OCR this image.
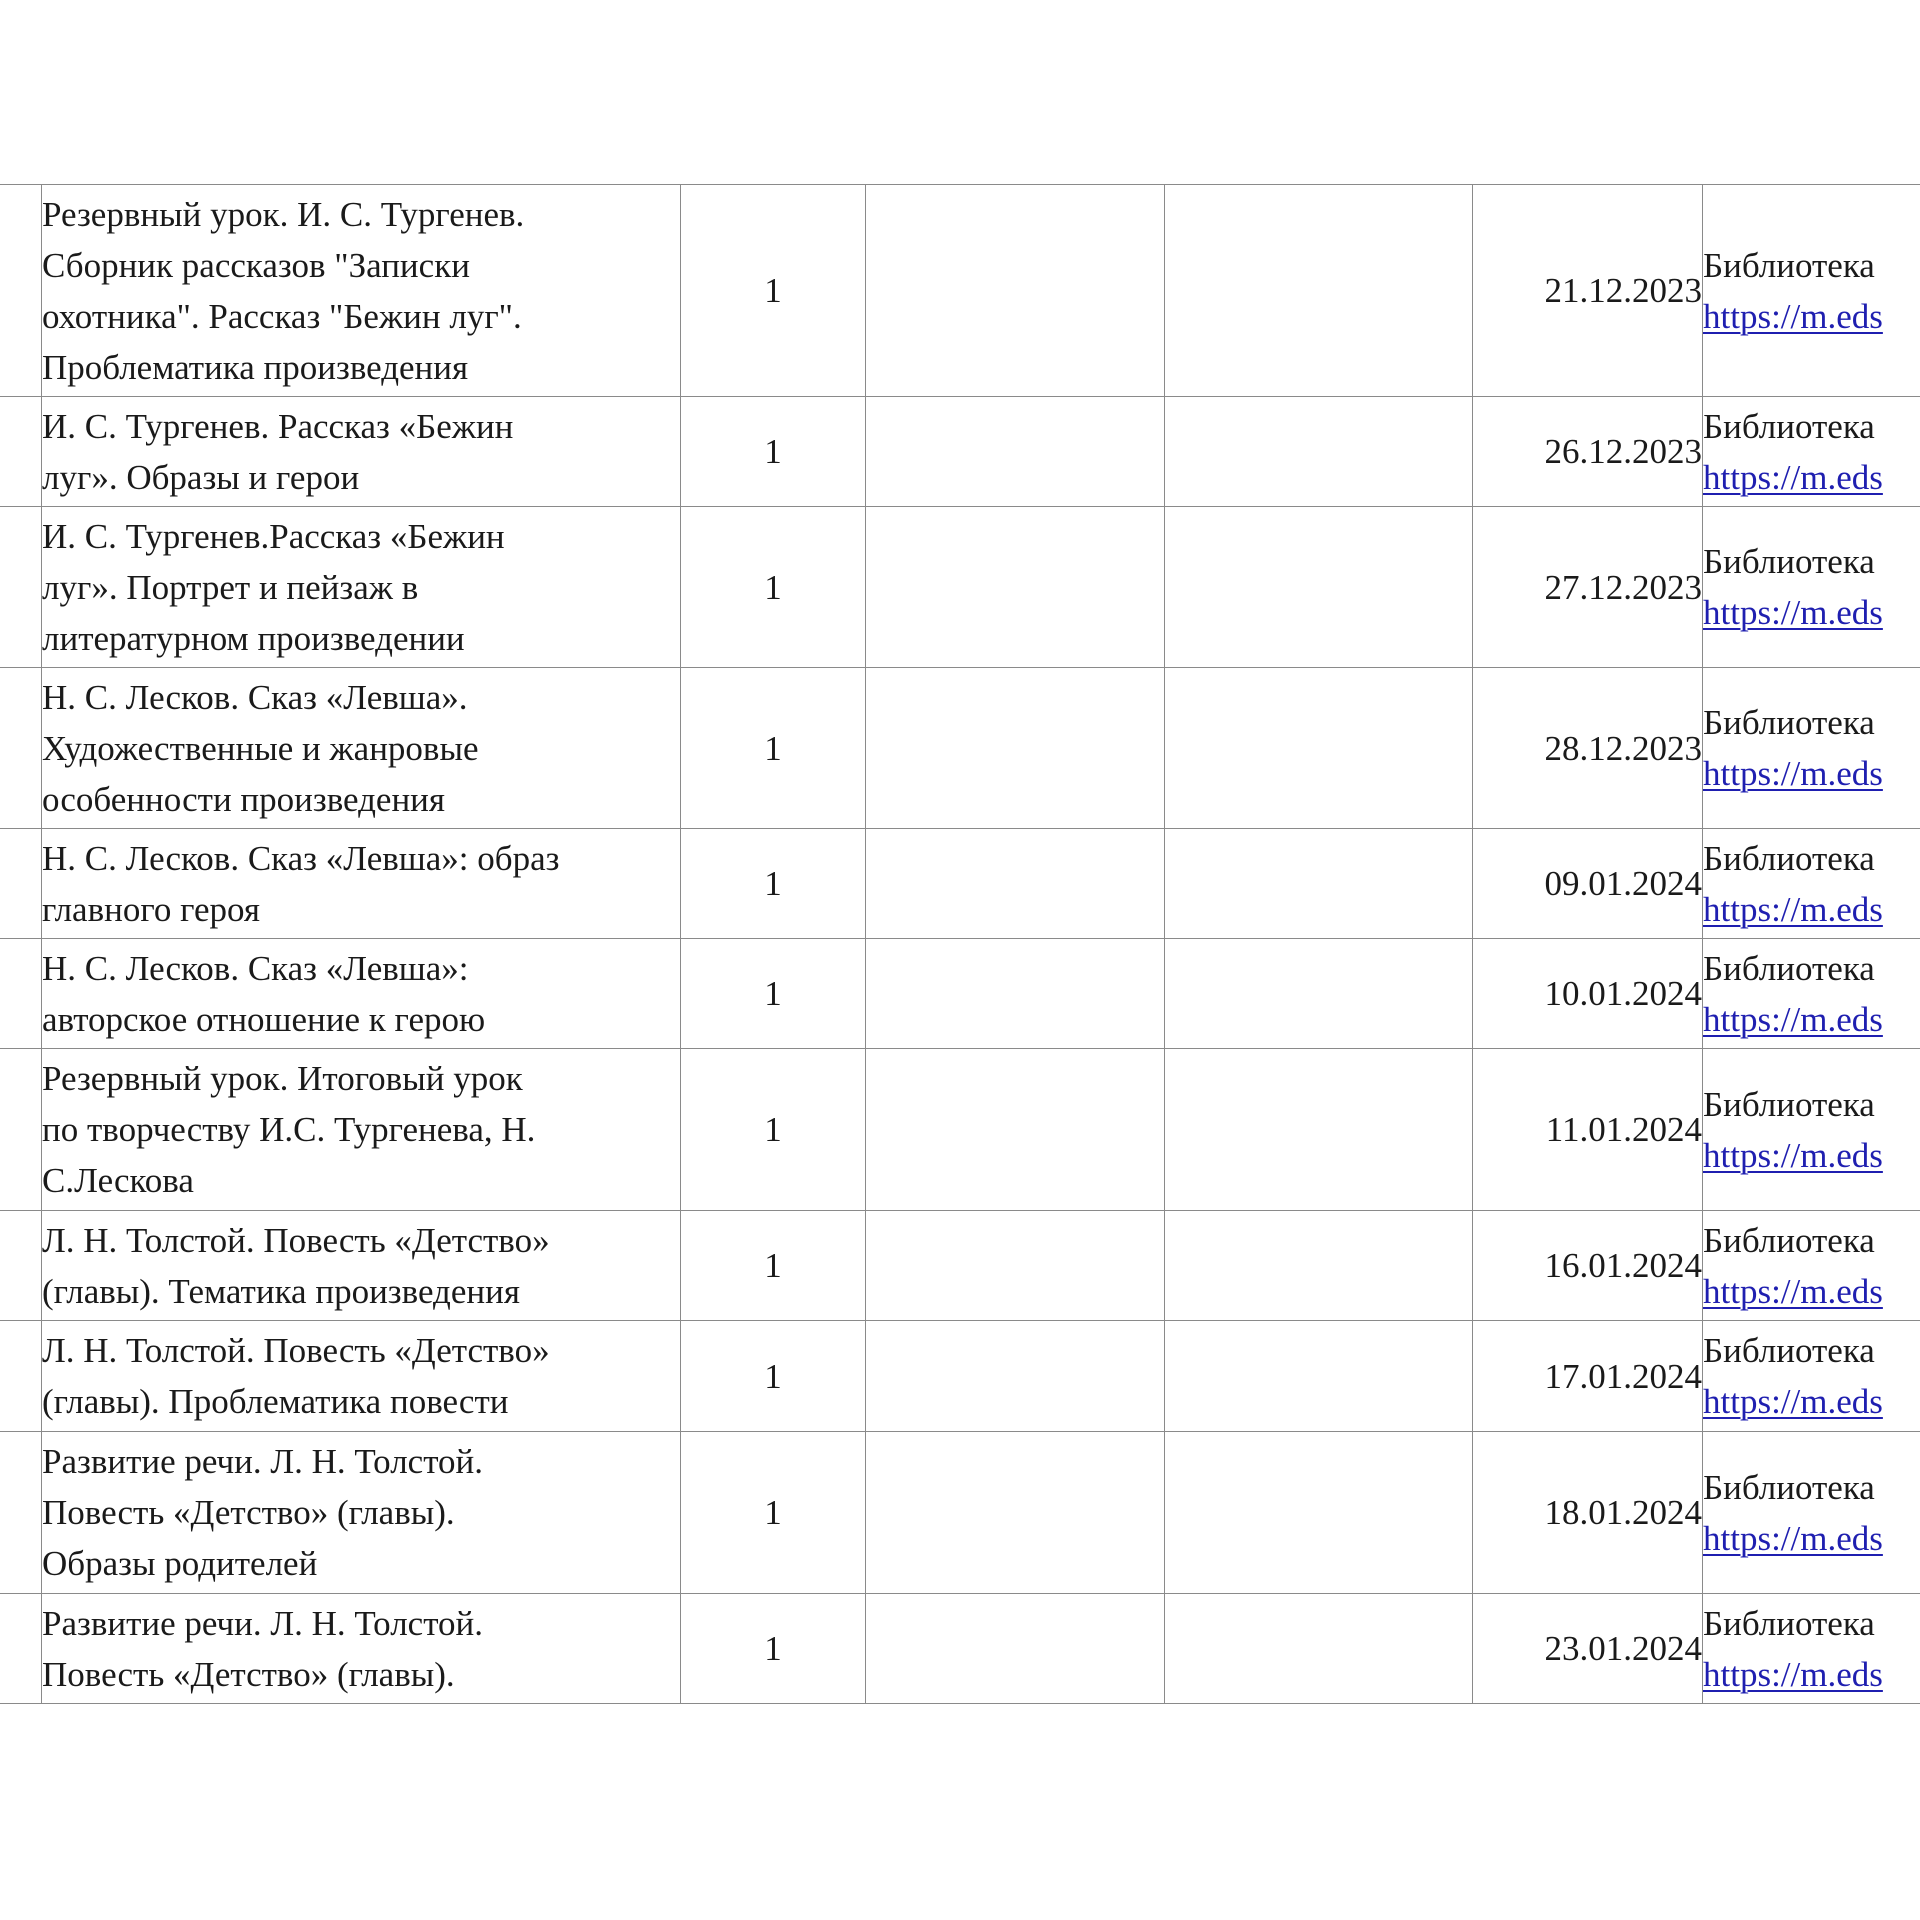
	Резервный урок. И. С. Тургенев.
Сборник рассказов "Записки
охотника". Рассказ "Бежин луг".
Проблематика произведения	1			21.12.2023	Библиотека
https://m.eds

	И. С. Тургенев. Рассказ «Бежин
луг». Образы и герои	1			26.12.2023	Библиотека
https://m.eds

	И. С. Тургенев.Рассказ «Бежин
луг». Портрет и пейзаж в
литературном произведении	1			27.12.2023	Библиотека
https://m.eds

	Н. С. Лесков. Сказ «Левша».
Художественные и жанровые
особенности произведения	1			28.12.2023	Библиотека
https://m.eds

	Н. С. Лесков. Сказ «Левша»: образ
главного героя	1			09.01.2024	Библиотека
https://m.eds

	Н. С. Лесков. Сказ «Левша»:
авторское отношение к герою	1			10.01.2024	Библиотека
https://m.eds

	Резервный урок. Итоговый урок
по творчеству И.С. Тургенева, Н.
С.Лескова	1			11.01.2024	Библиотека
https://m.eds

	Л. Н. Толстой. Повесть «Детство»
(главы). Тематика произведения	1			16.01.2024	Библиотека
https://m.eds

	Л. Н. Толстой. Повесть «Детство»
(главы). Проблематика повести	1			17.01.2024	Библиотека
https://m.eds

	Развитие речи. Л. Н. Толстой.
Повесть «Детство» (главы).
Образы родителей	1			18.01.2024	Библиотека
https://m.eds

	Развитие речи. Л. Н. Толстой.
Повесть «Детство» (главы).	1			23.01.2024	Библиотека
https://m.eds
